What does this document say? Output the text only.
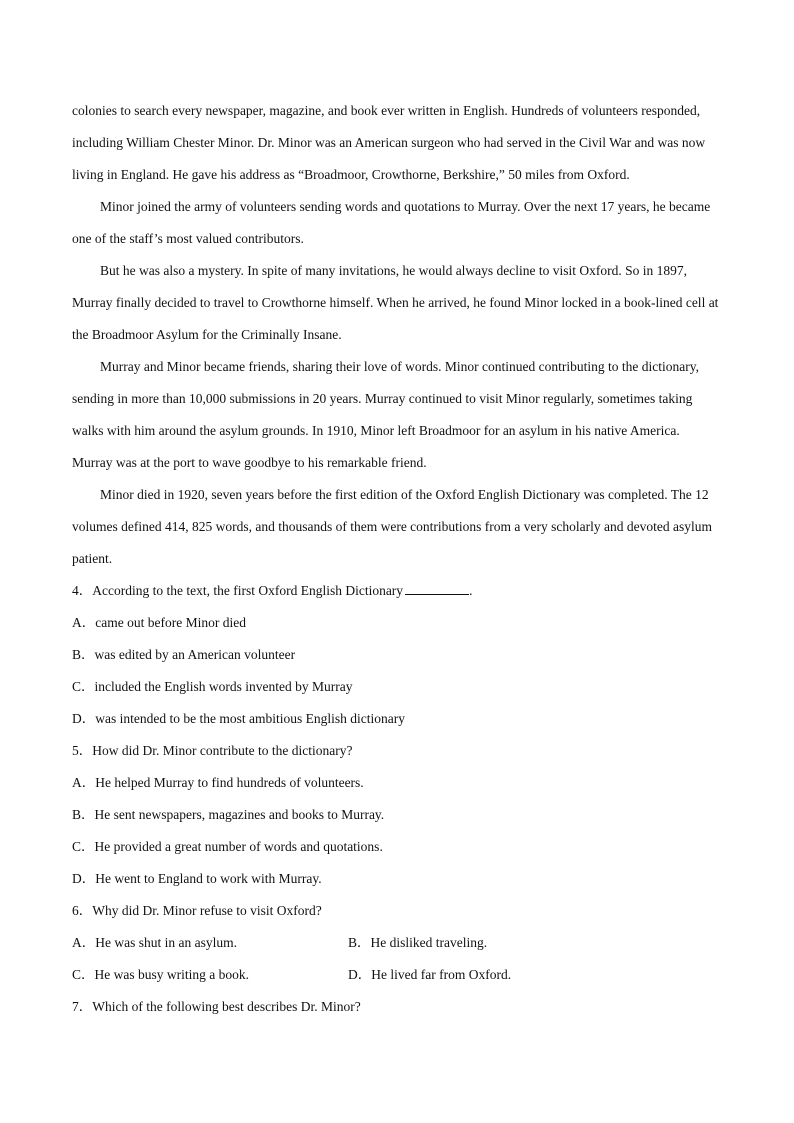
colonies to search every newspaper, magazine, and book ever written in English. Hundreds of volunteers responded, including William Chester Minor. Dr. Minor was an American surgeon who had served in the Civil War and was now living in England. He gave his address as “Broadmoor, Crowthorne, Berkshire,” 50 miles from Oxford.

Minor joined the army of volunteers sending words and quotations to Murray. Over the next 17 years, he became one of the staff’s most valued contributors.

But he was also a mystery. In spite of many invitations, he would always decline to visit Oxford. So in 1897, Murray finally decided to travel to Crowthorne himself. When he arrived, he found Minor locked in a book-lined cell at the Broadmoor Asylum for the Criminally Insane.

Murray and Minor became friends, sharing their love of words. Minor continued contributing to the dictionary, sending in more than 10,000 submissions in 20 years. Murray continued to visit Minor regularly, sometimes taking walks with him around the asylum grounds. In 1910, Minor left Broadmoor for an asylum in his native America. Murray was at the port to wave goodbye to his remarkable friend.

Minor died in 1920, seven years before the first edition of the Oxford English Dictionary was completed. The 12 volumes defined 414, 825 words, and thousands of them were contributions from a very scholarly and devoted asylum patient.

4．According to the text, the first Oxford English Dictionary	.

A．came out before Minor died

B．was edited by an American volunteer

C．included the English words invented by Murray

D．was intended to be the most ambitious English dictionary

5．How did Dr. Minor contribute to the dictionary?

A．He helped Murray to find hundreds of volunteers.

B．He sent newspapers, magazines and books to Murray.

C．He provided a great number of words and quotations.

D．He went to England to work with Murray.

6．Why did Dr. Minor refuse to visit Oxford?

A．He was shut in an asylum.	B．He disliked traveling.
C．He was busy writing a book.	D．He lived far from Oxford.

7．Which of the following best describes Dr. Minor?
